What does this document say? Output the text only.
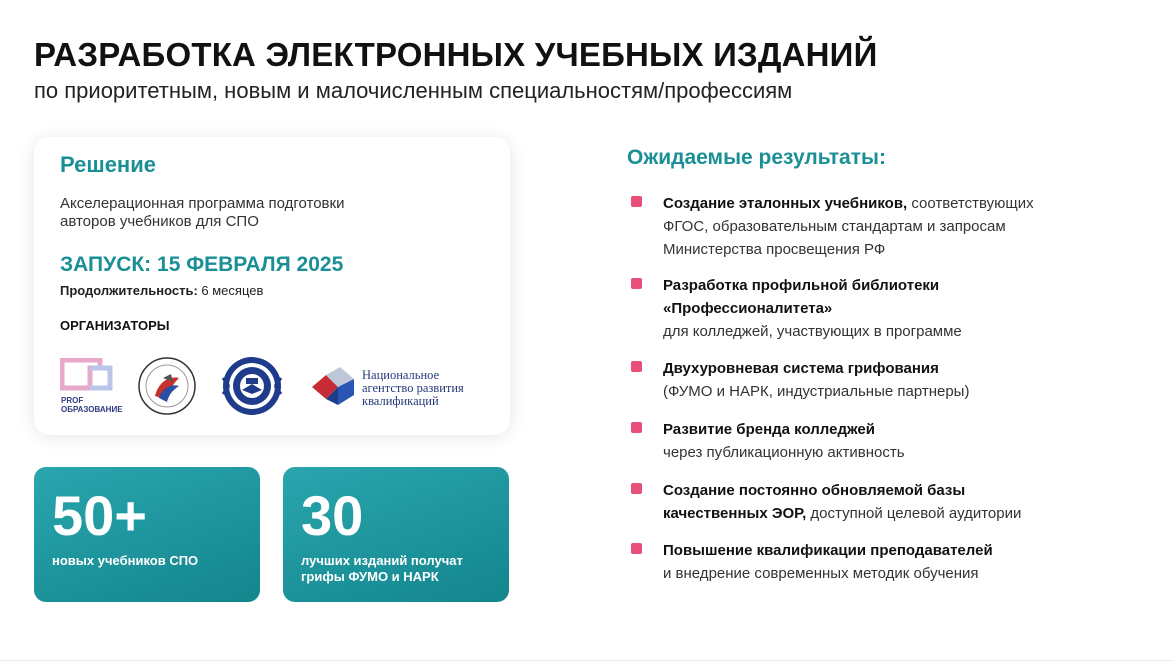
РАЗРАБОТКА ЭЛЕКТРОННЫХ УЧЕБНЫХ ИЗДАНИЙ
по приоритетным, новым и малочисленным специальностям/профессиям
Решение
Акселерационная программа подготовки
авторов учебников для СПО
ЗАПУСК: 15 ФЕВРАЛЯ 2025
Продолжительность: 6 месяцев
ОРГАНИЗАТОРЫ
PROF
ОБРАЗОВАНИЕ
Национальное
агентство развития
квалификаций
50+
новых учебников СПО
30
лучших изданий получат
грифы ФУМО и НАРК
Ожидаемые результаты:
Создание эталонных учебников, соответствующих
ФГОС, образовательным стандартам и запросам
Министерства просвещения РФ
Разработка профильной библиотеки
«Профессионалитета»
для колледжей, участвующих в программе
Двухуровневая система грифования
(ФУМО и НАРК, индустриальные партнеры)
Развитие бренда колледжей
через публикационную активность
Создание постоянно обновляемой базы
качественных ЭОР, доступной целевой аудитории
Повышение квалификации преподавателей
и внедрение современных методик обучения
